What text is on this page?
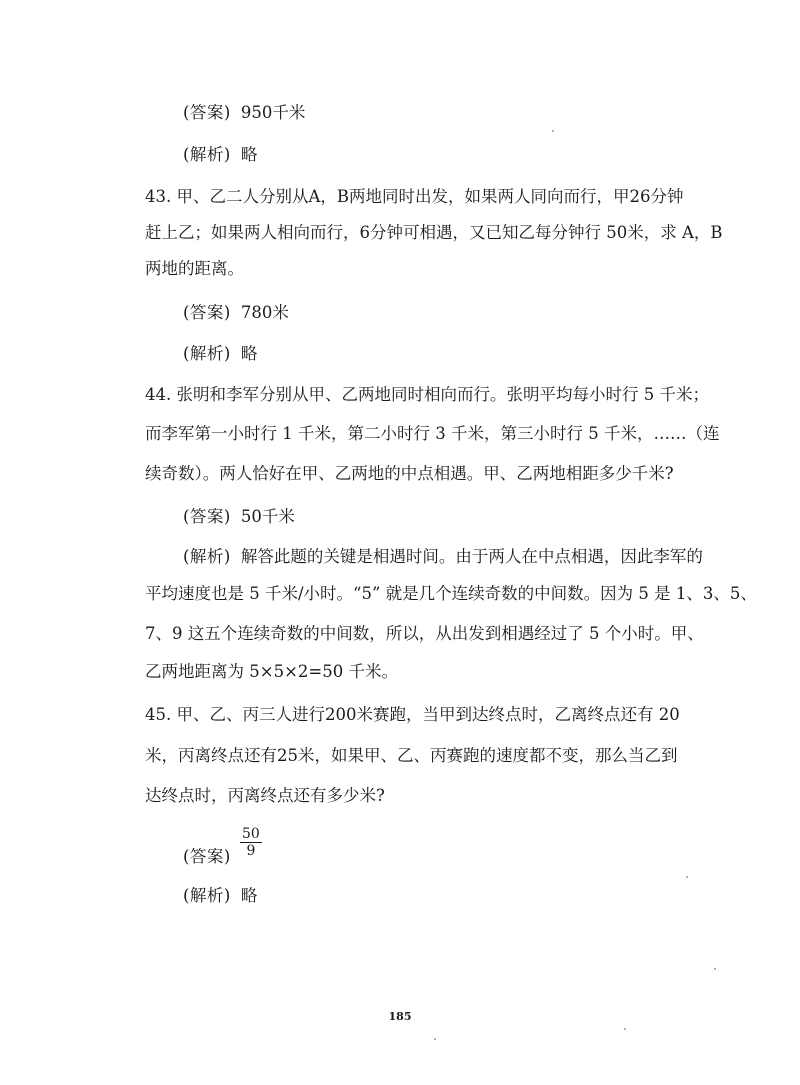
(答案) 950千米
(解析) 略
43. 甲、乙二人分别从A，B两地同时出发，如果两人同向而行，甲26分钟
赶上乙；如果两人相向而行，6分钟可相遇，又已知乙每分钟行 50米，求 A，B
两地的距离。
(答案) 780米
(解析) 略
44. 张明和李军分别从甲、乙两地同时相向而行。张明平均每小时行 5 千米；
而李军第一小时行 1 千米，第二小时行 3 千米，第三小时行 5 千米，……（连
续奇数）。两人恰好在甲、乙两地的中点相遇。甲、乙两地相距多少千米?
(答案) 50千米
(解析) 解答此题的关键是相遇时间。由于两人在中点相遇，因此李军的
平均速度也是 5 千米/小时。“5” 就是几个连续奇数的中间数。因为 5 是 1、3、5、
7、9 这五个连续奇数的中间数，所以，从出发到相遇经过了 5 个小时。甲、
乙两地距离为 5×5×2=50 千米。
45. 甲、乙、丙三人进行200米赛跑，当甲到达终点时，乙离终点还有 20
米，丙离终点还有25米，如果甲、乙、丙赛跑的速度都不变，那么当乙到
达终点时，丙离终点还有多少米?
(答案) $\frac{50}{9}$
(解析) 略
185
